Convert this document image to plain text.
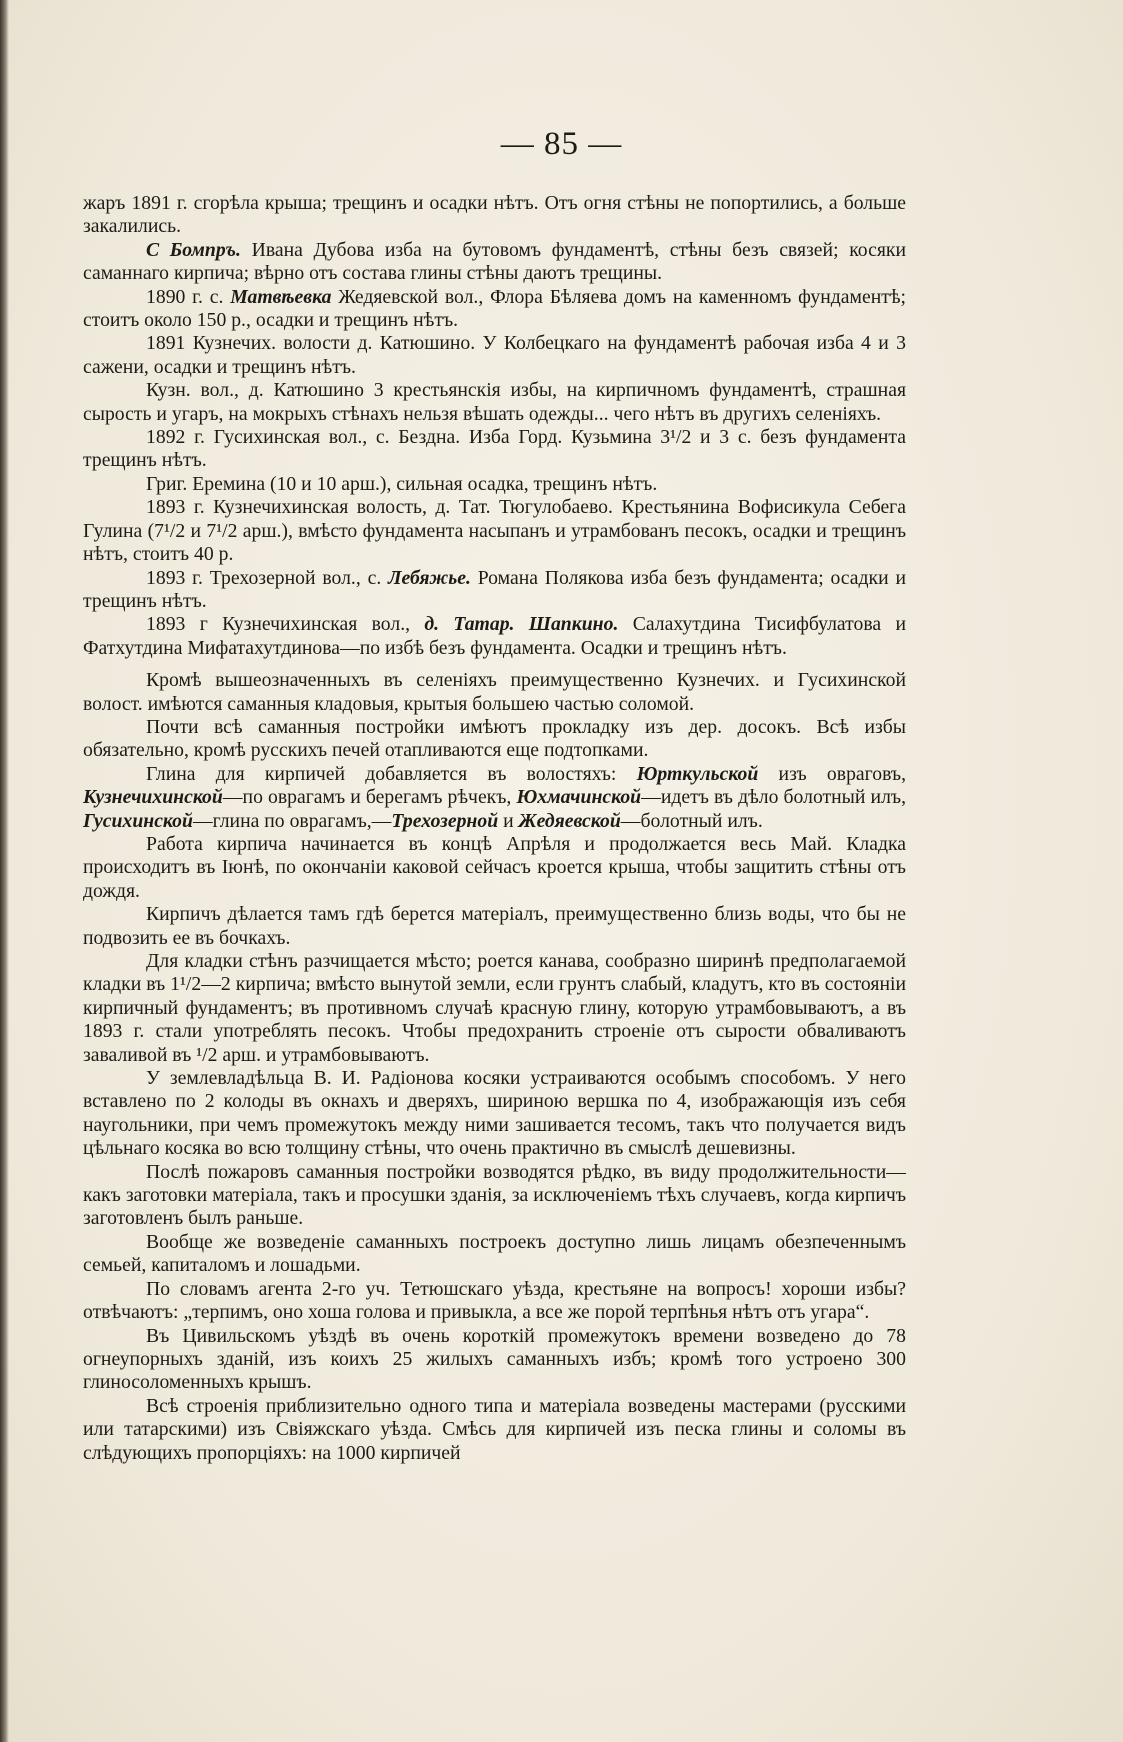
— 85 —

жаръ 1891 г. сгорѣла крыша; трещинъ и осадки нѣтъ. Отъ огня стѣны не попортились, а больше закалились.

С Бомпръ. Ивана Дубова изба на бутовомъ фундаментѣ, стѣны безъ связей; косяки саманнаго кирпича; вѣрно отъ состава глины стѣны даютъ трещины.

1890 г. с. Матвѣевка Жедяевской вол., Флора Бѣляева домъ на каменномъ фундаментѣ; стоитъ около 150 р., осадки и трещинъ нѣтъ.

1891 Кузнечих. волости д. Катюшино. У Колбецкаго на фундаментѣ рабочая изба 4 и 3 сажени, осадки и трещинъ нѣтъ.

Кузн. вол., д. Катюшино 3 крестьянскія избы, на кирпичномъ фундаментѣ, страшная сырость и угаръ, на мокрыхъ стѣнахъ нельзя вѣшать одежды... чего нѣтъ въ другихъ селеніяхъ.

1892 г. Гусихинская вол., с. Бездна. Изба Горд. Кузьмина 3¹/2 и 3 с. безъ фундамента трещинъ нѣтъ.

Григ. Еремина (10 и 10 арш.), сильная осадка, трещинъ нѣтъ.

1893 г. Кузнечихинская волость, д. Тат. Тюгулобаево. Крестьянина Вофисикула Себега Гулина (7¹/2 и 7¹/2 арш.), вмѣсто фундамента насыпанъ и утрамбованъ песокъ, осадки и трещинъ нѣтъ, стоитъ 40 р.

1893 г. Трехозерной вол., с. Лебяжье. Романа Полякова изба безъ фундамента; осадки и трещинъ нѣтъ.

1893 г Кузнечихинская вол., д. Татар. Шапкино. Салахутдина Тисифбулатова и Фатхутдина Мифатахутдинова—по избѣ безъ фундамента. Осадки и трещинъ нѣтъ.

Кромѣ вышеозначенныхъ въ селеніяхъ преимущественно Кузнечих. и Гусихинской волост. имѣются саманныя кладовыя, крытыя большею частью соломой.

Почти всѣ саманныя постройки имѣютъ прокладку изъ дер. досокъ. Всѣ избы обязательно, кромѣ русскихъ печей отапливаются еще подтопками.

Глина для кирпичей добавляется въ волостяхъ: Юрткульской изъ овраговъ, Кузнечихинской—по оврагамъ и берегамъ рѣчекъ, Юхмачинской—идетъ въ дѣло болотный илъ, Гусихинской—глина по оврагамъ,—Трехозерной и Жедяевской—болотный илъ.

Работа кирпича начинается въ концѣ Апрѣля и продолжается весь Май. Кладка происходитъ въ Іюнѣ, по окончаніи каковой сейчасъ кроется крыша, чтобы защитить стѣны отъ дождя.

Кирпичъ дѣлается тамъ гдѣ берется матеріалъ, преимущественно близь воды, что бы не подвозить ее въ бочкахъ.

Для кладки стѣнъ разчищается мѣсто; роется канава, сообразно ширинѣ предполагаемой кладки въ 1¹/2—2 кирпича; вмѣсто вынутой земли, если грунтъ слабый, кладутъ, кто въ состояніи кирпичный фундаментъ; въ противномъ случаѣ красную глину, которую утрамбовываютъ, а въ 1893 г. стали употреблять песокъ. Чтобы предохранить строеніе отъ сырости обваливаютъ заваливой въ ¹/2 арш. и утрамбовываютъ.

У землевладѣльца В. И. Радіонова косяки устраиваются особымъ способомъ. У него вставлено по 2 колоды въ окнахъ и дверяхъ, шириною вершка по 4, изображающія изъ себя наугольники, при чемъ промежутокъ между ними зашивается тесомъ, такъ что получается видъ цѣльнаго косяка во всю толщину стѣны, что очень практично въ смыслѣ дешевизны.

Послѣ пожаровъ саманныя постройки возводятся рѣдко, въ виду продолжительности—какъ заготовки матеріала, такъ и просушки зданія, за исключеніемъ тѣхъ случаевъ, когда кирпичъ заготовленъ былъ раньше.

Вообще же возведеніе саманныхъ построекъ доступно лишь лицамъ обезпеченнымъ семьей, капиталомъ и лошадьми.

По словамъ агента 2-го уч. Тетюшскаго уѣзда, крестьяне на вопросъ! хороши избы? отвѣчаютъ: „терпимъ, оно хоша голова и привыкла, а все же порой терпѣнья нѣтъ отъ угара“.

Въ Цивильскомъ уѣздѣ въ очень короткій промежутокъ времени возведено до 78 огнеупорныхъ зданій, изъ коихъ 25 жилыхъ саманныхъ избъ; кромѣ того устроено 300 глиносоломенныхъ крышъ.

Всѣ строенія приблизительно одного типа и матеріала возведены мастерами (русскими или татарскими) изъ Свіяжскаго уѣзда. Смѣсь для кирпичей изъ песка глины и соломы въ слѣдующихъ пропорціяхъ: на 1000 кирпичей
